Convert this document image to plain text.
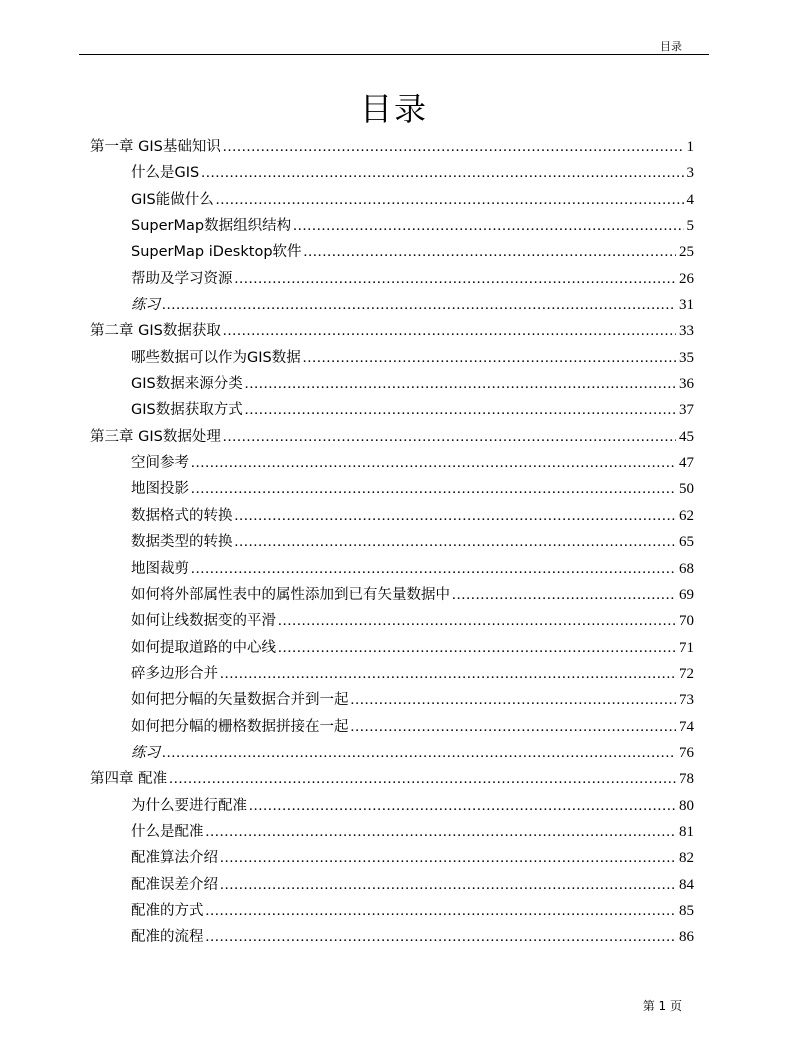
目录
目录
第一章 GIS基础知识 .....	1
什么是GIS .....	3
GIS能做什么 .....	4
SuperMap数据组织结构 .....	5
SuperMap iDesktop软件 .....	25
帮助及学习资源 .....	26
练习 .....	31
第二章 GIS数据获取 .....	33
哪些数据可以作为GIS数据 .....	35
GIS数据来源分类 .....	36
GIS数据获取方式 .....	37
第三章 GIS数据处理 .....	45
空间参考 .....	47
地图投影 .....	50
数据格式的转换 .....	62
数据类型的转换 .....	65
地图裁剪 .....	68
如何将外部属性表中的属性添加到已有矢量数据中 .....	69
如何让线数据变的平滑 .....	70
如何提取道路的中心线 .....	71
碎多边形合并 .....	72
如何把分幅的矢量数据合并到一起 .....	73
如何把分幅的栅格数据拼接在一起 .....	74
练习 .....	76
第四章 配准 .....	78
为什么要进行配准 .....	80
什么是配准 .....	81
配准算法介绍 .....	82
配准误差介绍 .....	84
配准的方式 .....	85
配准的流程 .....	86
第 1 页
